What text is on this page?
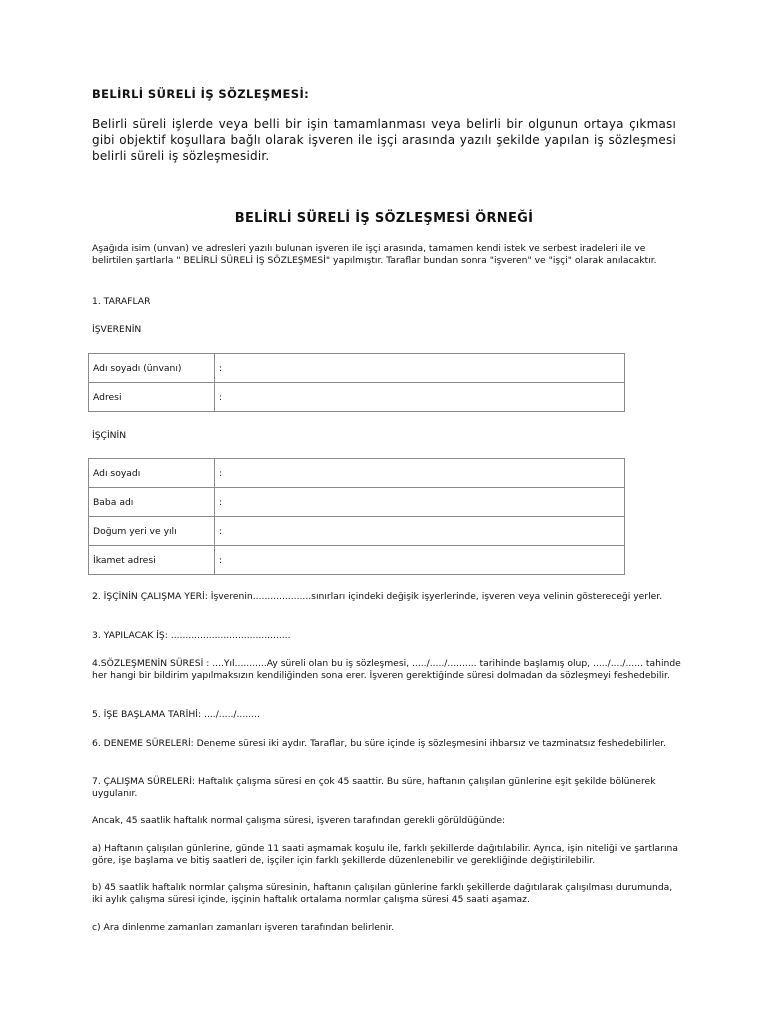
BELİRLİ SÜRELİ İŞ SÖZLEŞMESİ:

Belirli süreli işlerde veya belli bir işin tamamlanması veya belirli bir olgunun ortaya çıkması gibi objektif koşullara bağlı olarak işveren ile işçi arasında yazılı şekilde yapılan iş sözleşmesi belirli süreli iş sözleşmesidir.

BELİRLİ SÜRELİ İŞ SÖZLEŞMESİ ÖRNEĞİ

Aşağıda isim (unvan) ve adresleri yazılı bulunan işveren ile işçi arasında, tamamen kendi istek ve serbest iradeleri ile ve belirtilen şartlarla " BELİRLİ SÜRELİ İŞ SÖZLEŞMESİ" yapılmıştır. Taraflar bundan sonra "işveren" ve "işçi" olarak anılacaktır.

1. TARAFLAR

İŞVERENİN

Adı soyadı (ünvanı)	:
Adresi	:

İŞÇİNİN

Adı soyadı	:
Baba adı	:
Doğum yeri ve yılı	:
İkamet adresi	:

2. İŞÇİNİN ÇALIŞMA YERİ: İşverenin....................sınırları içindeki değişik işyerlerinde, işveren veya velinin göstereceği yerler.

3. YAPILACAK İŞ: .........................................

4.SÖZLEŞMENİN SÜRESİ : ....Yıl...........Ay süreli olan bu iş sözleşmesi, ...../...../.......... tarihinde başlamış olup, ...../..../...... tahinde her hangi bir bildirim yapılmaksızın kendiliğinden sona erer. İşveren gerektiğinde süresi dolmadan da sözleşmeyi feshedebilir.

5. İŞE BAŞLAMA TARİHİ: ..../...../........

6. DENEME SÜRELERİ: Deneme süresi iki aydır. Taraflar, bu süre içinde iş sözleşmesini ihbarsız ve tazminatsız feshedebilirler.

7. ÇALIŞMA SÜRELERİ: Haftalık çalışma süresi en çok 45 saattir. Bu süre, haftanın çalışılan günlerine eşit şekilde bölünerek uygulanır.

Ancak, 45 saatlik haftalık normal çalışma süresi, işveren tarafından gerekli görüldüğünde:

a) Haftanın çalışılan günlerine, günde 11 saati aşmamak koşulu ile, farklı şekillerde dağıtılabilir. Ayrıca, işin niteliği ve şartlarına göre, işe başlama ve bitiş saatleri de, işçiler için farklı şekillerde düzenlenebilir ve gerekliğinde değiştirilebilir.

b) 45 saatlik haftalık normlar çalışma süresinin, haftanın çalışılan günlerine farklı şekillerde dağıtılarak çalışılması durumunda, iki aylık çalışma süresi içinde, işçinin haftalık ortalama normlar çalışma süresi 45 saati aşamaz.

c) Ara dinlenme zamanları zamanları işveren tarafından belirlenir.
